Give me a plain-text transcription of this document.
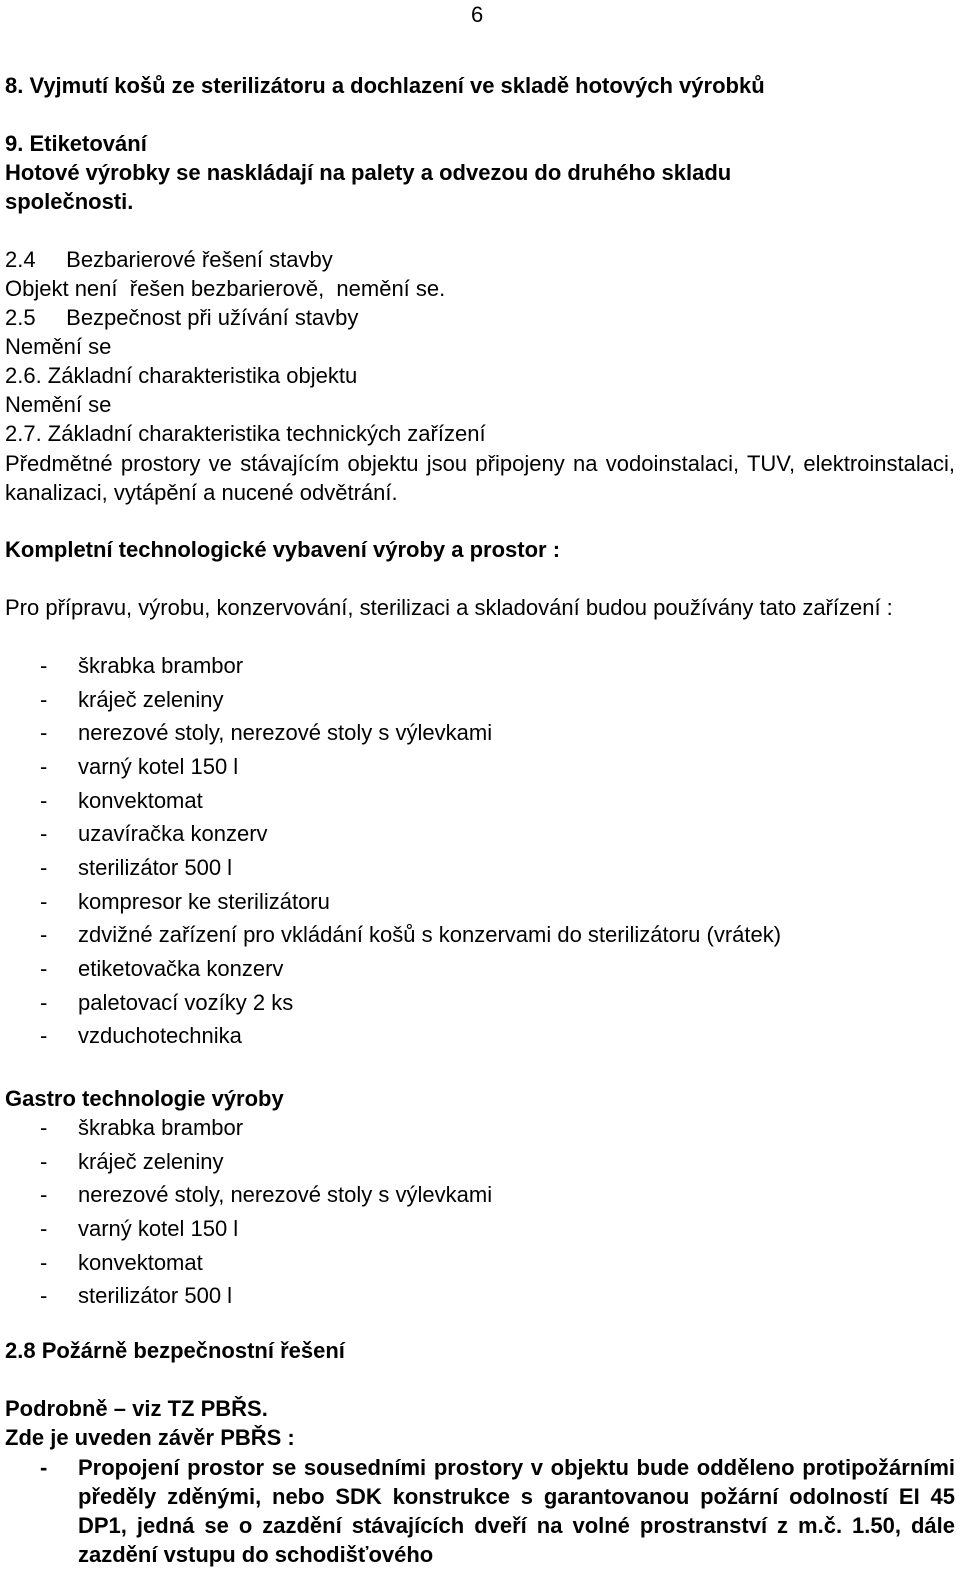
6
8. Vyjmutí košů ze sterilizátoru a dochlazení ve skladě hotových výrobků
9. Etiketování
Hotové výrobky se naskládají na palety a odvezou do druhého skladu
společnosti.
2.4     Bezbarierové řešení stavby
Objekt není  řešen bezbarierově,  nemění se.
2.5     Bezpečnost při užívání stavby
Nemění se
2.6. Základní charakteristika objektu
Nemění se
2.7. Základní charakteristika technických zařízení
Předmětné prostory ve stávajícím objektu jsou připojeny na vodoinstalaci, TUV, elektroinstalaci, kanalizaci, vytápění a nucené odvětrání.
Kompletní technologické vybavení výroby a prostor :
Pro přípravu, výrobu, konzervování, sterilizaci a skladování budou používány tato zařízení :
- škrabka brambor
- kráječ zeleniny
- nerezové stoly, nerezové stoly s výlevkami
- varný kotel 150 l
- konvektomat
- uzavíračka konzerv
- sterilizátor 500 l
- kompresor ke sterilizátoru
- zdvižné zařízení pro vkládání košů s konzervami do sterilizátoru (vrátek)
- etiketovačka konzerv
- paletovací vozíky 2 ks
- vzduchotechnika
Gastro technologie výroby
- škrabka brambor
- kráječ zeleniny
- nerezové stoly, nerezové stoly s výlevkami
- varný kotel 150 l
- konvektomat
- sterilizátor 500 l
2.8 Požárně bezpečnostní řešení
Podrobně – viz TZ PBŘS.
Zde je uveden závěr PBŘS :
- Propojení prostor se sousedními prostory v objektu bude odděleno protipožárními předěly zděnými, nebo SDK konstrukce s garantovanou požární odolností EI 45 DP1, jedná se o zazdění stávajících dveří na volné prostranství z m.č. 1.50, dále zazdění vstupu do schodišťového
